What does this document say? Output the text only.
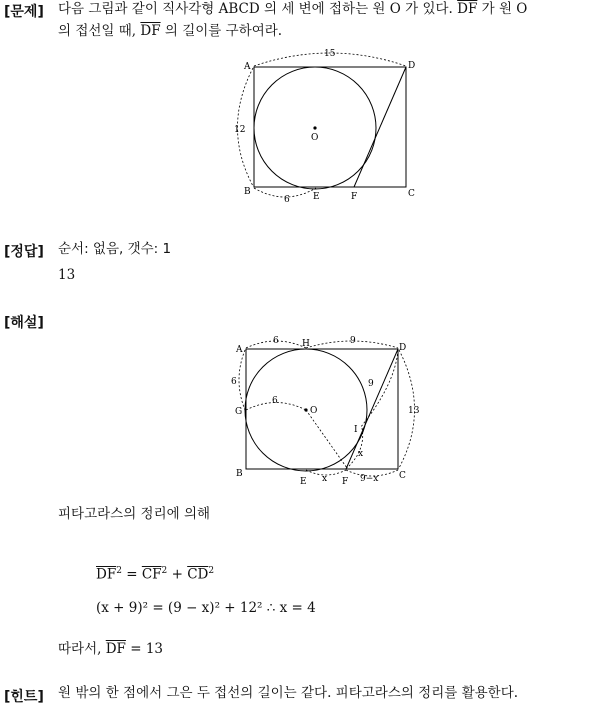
[문제] 다음 그림과 같이 직사각형 ABCD 의 세 변에 접하는 원 O 가 있다. $\overline{DF}$ 가 원 O
의 접선일 때, $\overline{DF}$ 의 길이를 구하여라.
A	D
B	C
E	F
O
15
12
6
[정답] 순서: 없음, 갯수: 1
13
[해설]
A
H	D
G	O
I
B
E	F
C
6	9
6
6
9
13
x
x	9−x
피타고라스의 정리에 의해
$\overline{DF}^2 = \overline{CF}^2 + \overline{CD}^2$
(x + 9)² = (9 − x)² + 12² ∴ x = 4
따라서, $\overline{DF} = 13$
[힌트] 원 밖의 한 점에서 그은 두 접선의 길이는 같다. 피타고라스의 정리를 활용한다.
